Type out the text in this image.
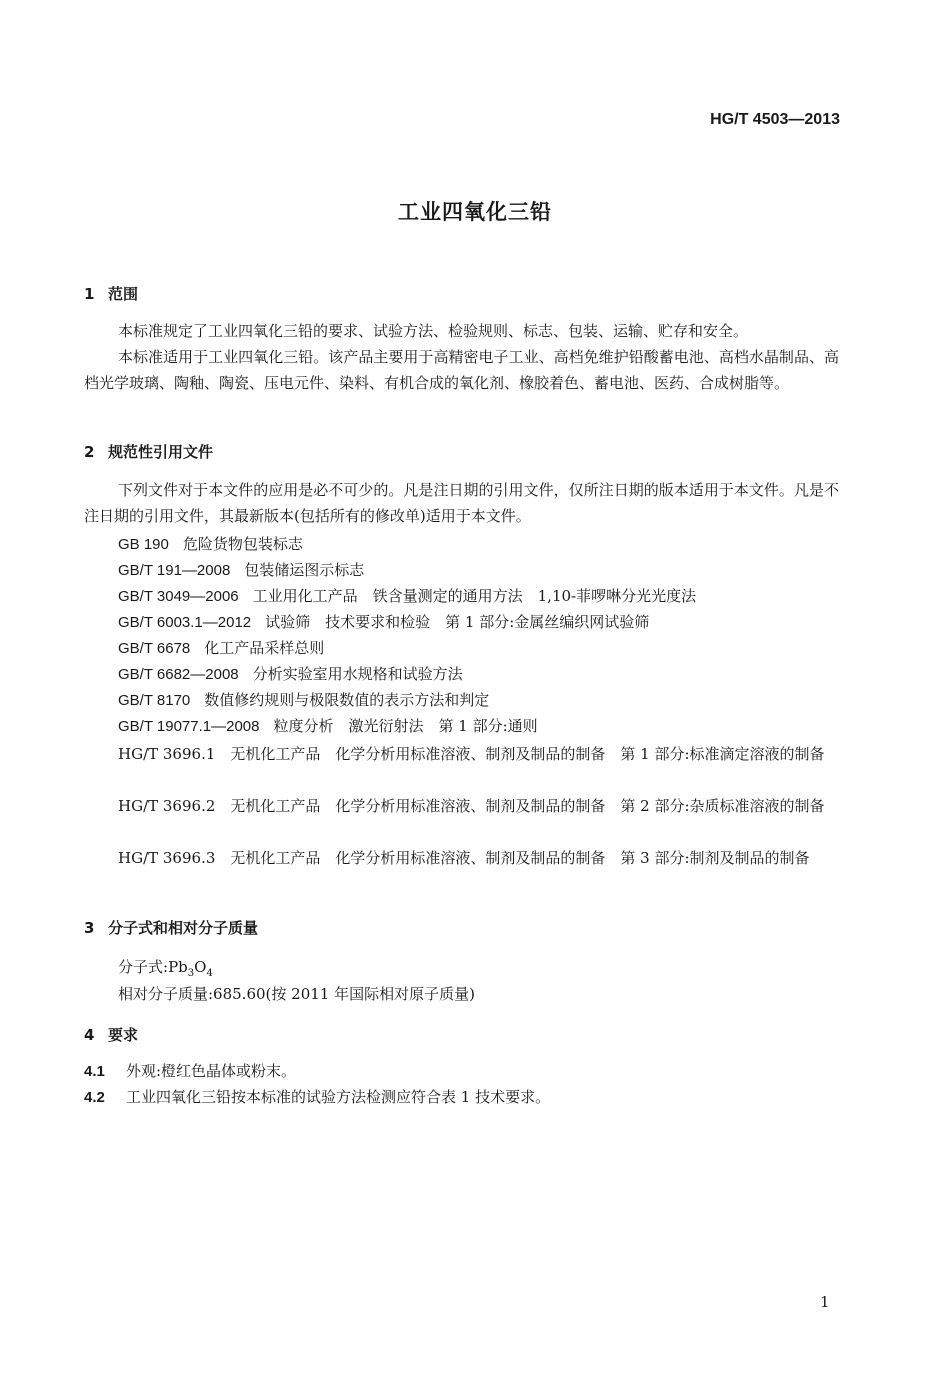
HG/T 4503—2013
工业四氧化三铅
1 范围
本标准规定了工业四氧化三铅的要求、试验方法、检验规则、标志、包装、运输、贮存和安全。
本标准适用于工业四氧化三铅。该产品主要用于高精密电子工业、高档免维护铅酸蓄电池、高档水晶制品、高档光学玻璃、陶釉、陶瓷、压电元件、染料、有机合成的氧化剂、橡胶着色、蓄电池、医药、合成树脂等。
2 规范性引用文件
下列文件对于本文件的应用是必不可少的。凡是注日期的引用文件，仅所注日期的版本适用于本文件。凡是不注日期的引用文件，其最新版本(包括所有的修改单)适用于本文件。
GB 190 危险货物包装标志
GB/T 191—2008 包装储运图示标志
GB/T 3049—2006 工业用化工产品　铁含量测定的通用方法　1,10-菲啰啉分光光度法
GB/T 6003.1—2012 试验筛　技术要求和检验　第 1 部分:金属丝编织网试验筛
GB/T 6678 化工产品采样总则
GB/T 6682—2008 分析实验室用水规格和试验方法
GB/T 8170 数值修约规则与极限数值的表示方法和判定
GB/T 19077.1—2008 粒度分析　激光衍射法　第 1 部分:通则
HG/T 3696.1　无机化工产品　化学分析用标准溶液、制剂及制品的制备　第 1 部分:标准滴定溶液的制备
HG/T 3696.2　无机化工产品　化学分析用标准溶液、制剂及制品的制备　第 2 部分:杂质标准溶液的制备
HG/T 3696.3　无机化工产品　化学分析用标准溶液、制剂及制品的制备　第 3 部分:制剂及制品的制备
3 分子式和相对分子质量
分子式$:Pb_3O_4$
相对分子质量:685.60(按 2011 年国际相对原子质量)
4 要求
4.1 外观:橙红色晶体或粉末。
4.2 工业四氧化三铅按本标准的试验方法检测应符合表 1 技术要求。
1
